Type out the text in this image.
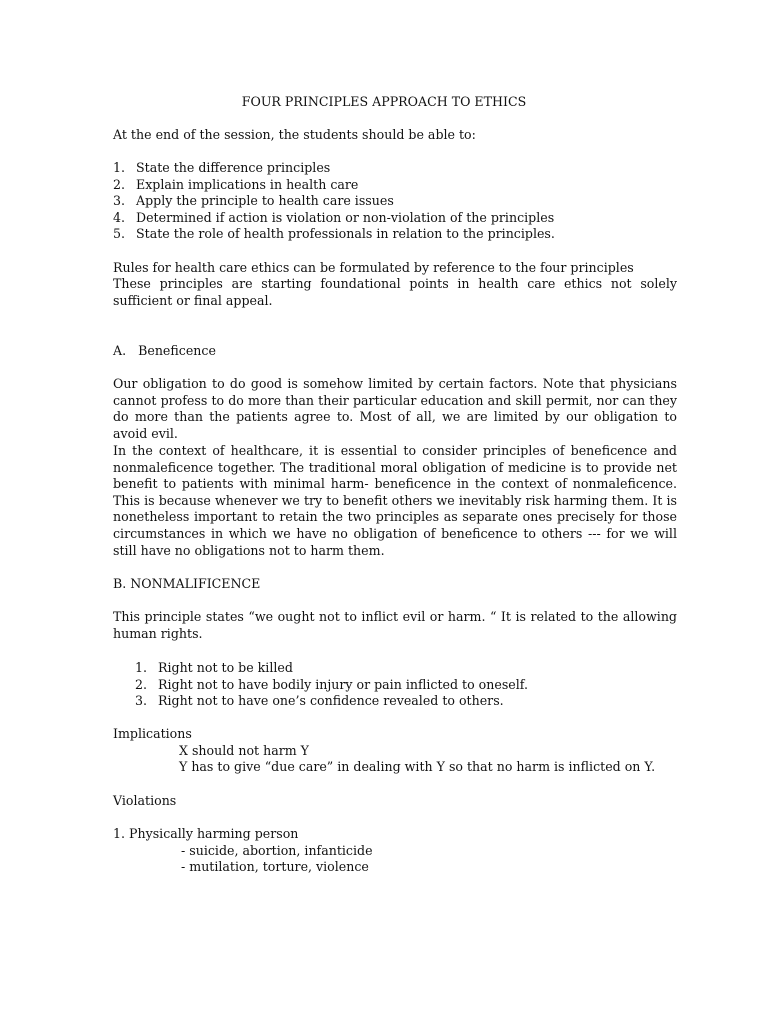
FOUR PRINCIPLES APPROACH TO ETHICS

At the end of the session, the students should be able to:

1. State the difference principles
2. Explain implications in health care
3. Apply the principle to health care issues
4. Determined if action is violation or non-violation of the principles
5. State the role of health professionals in relation to the principles.

Rules for health care ethics can be formulated by reference to the four principles

These principles are starting foundational points in health care ethics not solely sufficient or final appeal.

A.   Beneficence

Our obligation to do good is somehow limited by certain factors. Note that physicians cannot profess to do more than their particular education and skill permit, nor can they do more than the patients agree to. Most of all, we are limited by our obligation to avoid evil.

In the context of healthcare, it is essential to consider principles of beneficence and nonmaleficence together. The traditional moral obligation of medicine is to provide net benefit to patients with minimal harm- beneficence in the context of nonmaleficence. This is because whenever we try to benefit others we inevitably risk harming them. It is nonetheless important to retain the two principles as separate ones precisely for those circumstances in which we have no obligation of beneficence to others --- for we will still have no obligations not to harm them.

B. NONMALIFICENCE

This principle states “we ought not to inflict evil or harm. “ It is related to the allowing human rights.

1. Right not to be killed
2. Right not to have bodily injury or pain inflicted to oneself.
3. Right not to have one’s confidence revealed to others.
Implications
X should not harm Y
Y has to give “due care” in dealing with Y so that no harm is inflicted on Y.

Violations

1. Physically harming person
- suicide, abortion, infanticide
- mutilation, torture, violence
